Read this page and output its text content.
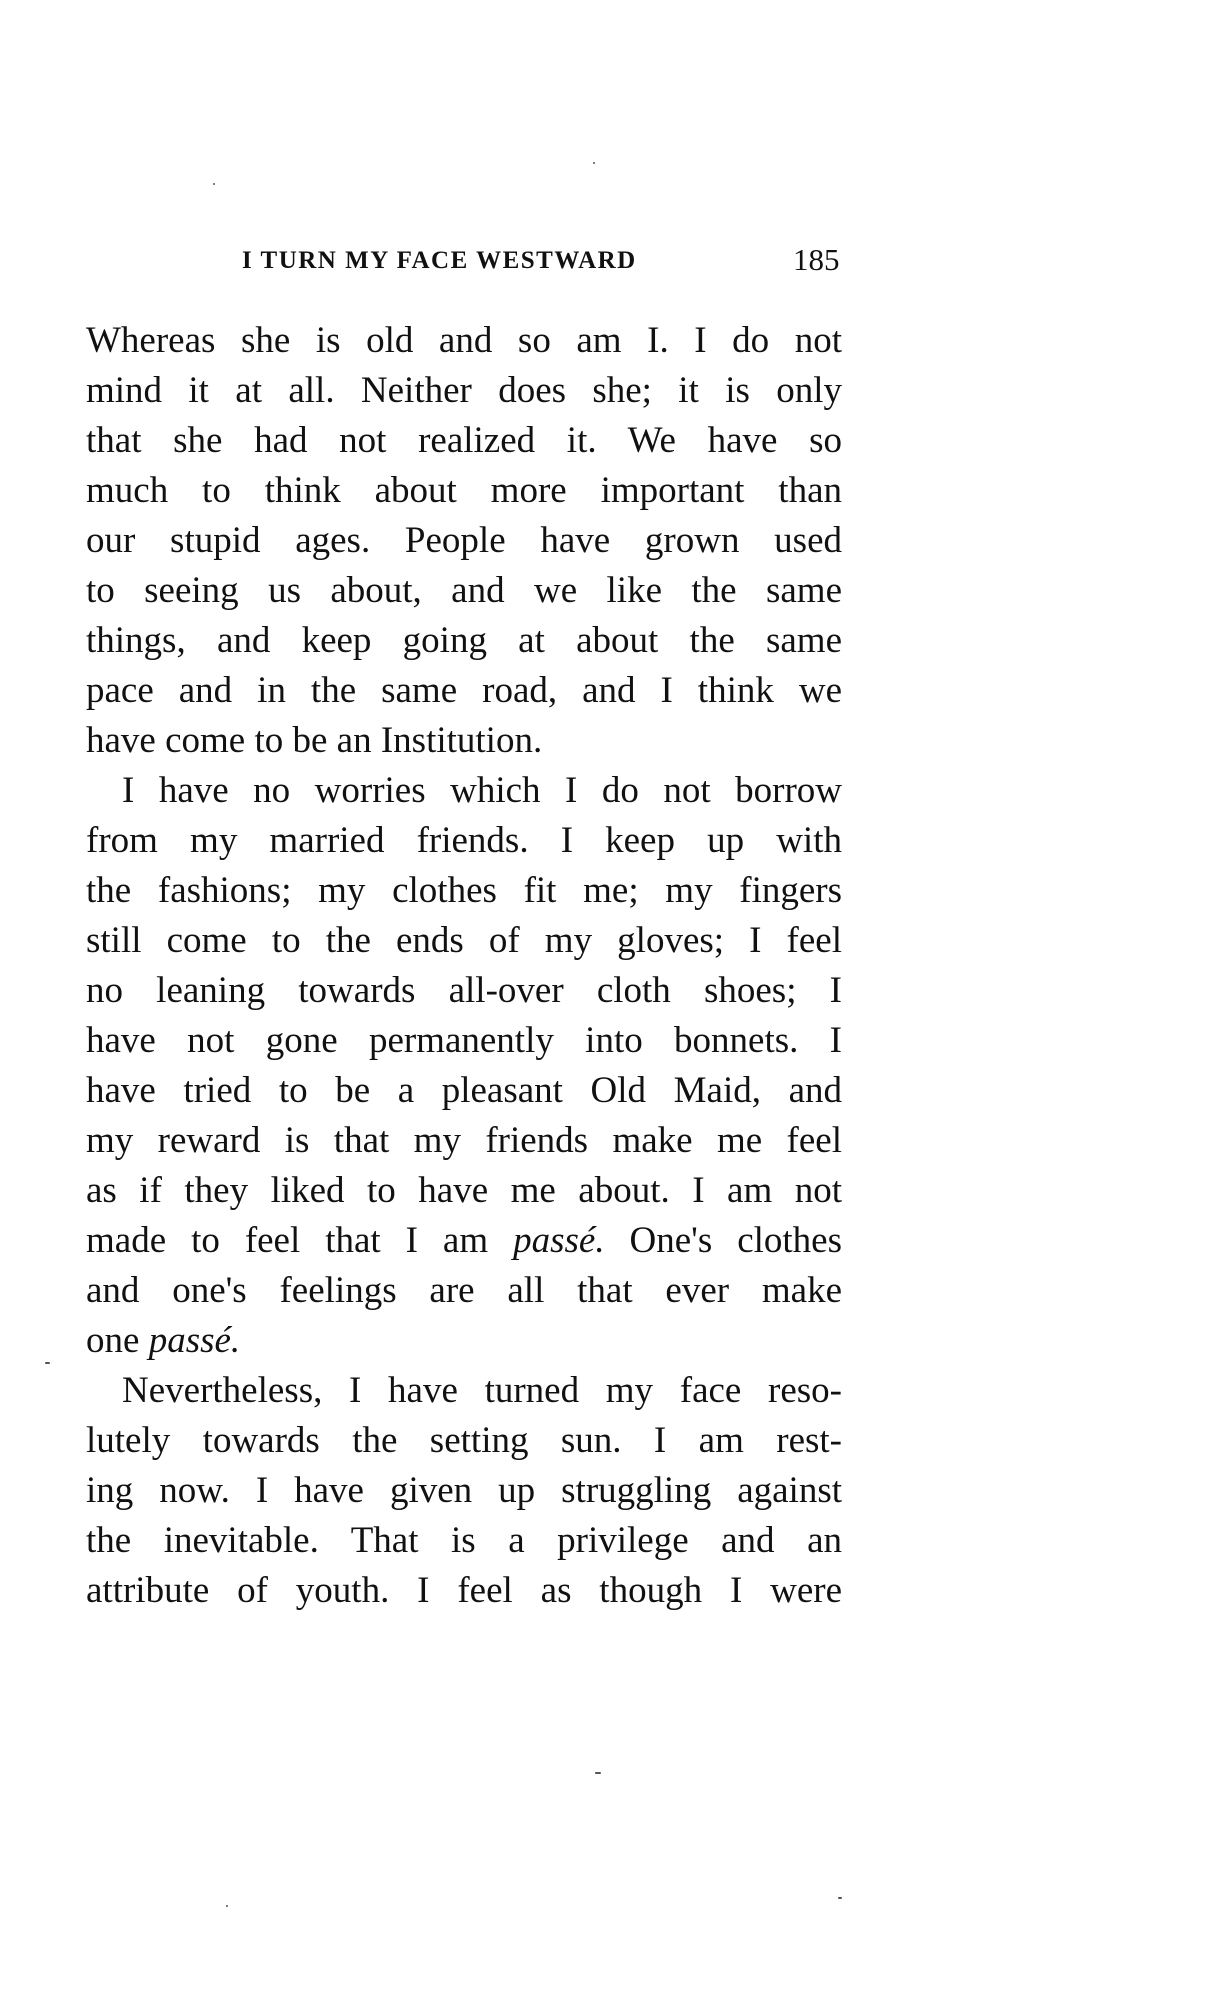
I TURN MY FACE WESTWARD	185
Whereas she is old and so am I. I do not
mind it at all. Neither does she; it is only
that she had not realized it. We have so
much to think about more important than
our stupid ages. People have grown used
to seeing us about, and we like the same
things, and keep going at about the same
pace and in the same road, and I think we
have come to be an Institution.
I have no worries which I do not borrow
from my married friends. I keep up with
the fashions; my clothes fit me; my fingers
still come to the ends of my gloves; I feel
no leaning towards all-over cloth shoes; I
have not gone permanently into bonnets. I
have tried to be a pleasant Old Maid, and
my reward is that my friends make me feel
as if they liked to have me about. I am not
made to feel that I am passé. One's clothes
and one's feelings are all that ever make
one passé.
Nevertheless, I have turned my face reso-
lutely towards the setting sun. I am rest-
ing now. I have given up struggling against
the inevitable. That is a privilege and an
attribute of youth. I feel as though I were
